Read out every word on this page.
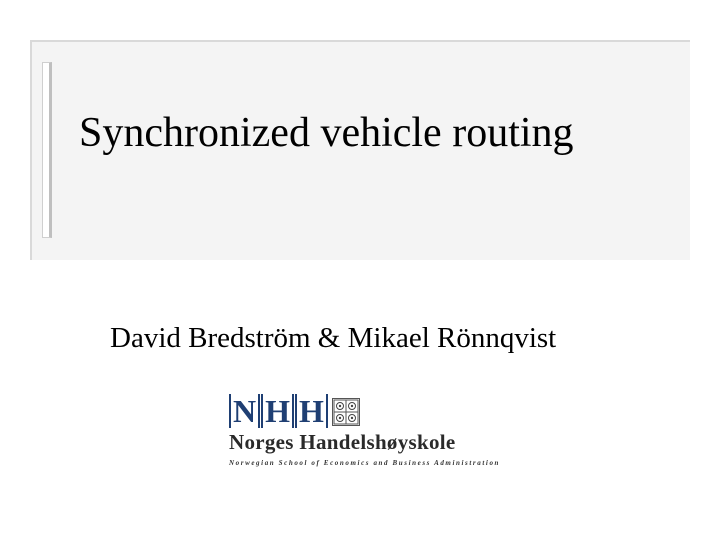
Synchronized vehicle routing
David Bredström & Mikael Rönnqvist
N H H
Norges Handelshøyskole
Norwegian School of Economics and Business Administration
